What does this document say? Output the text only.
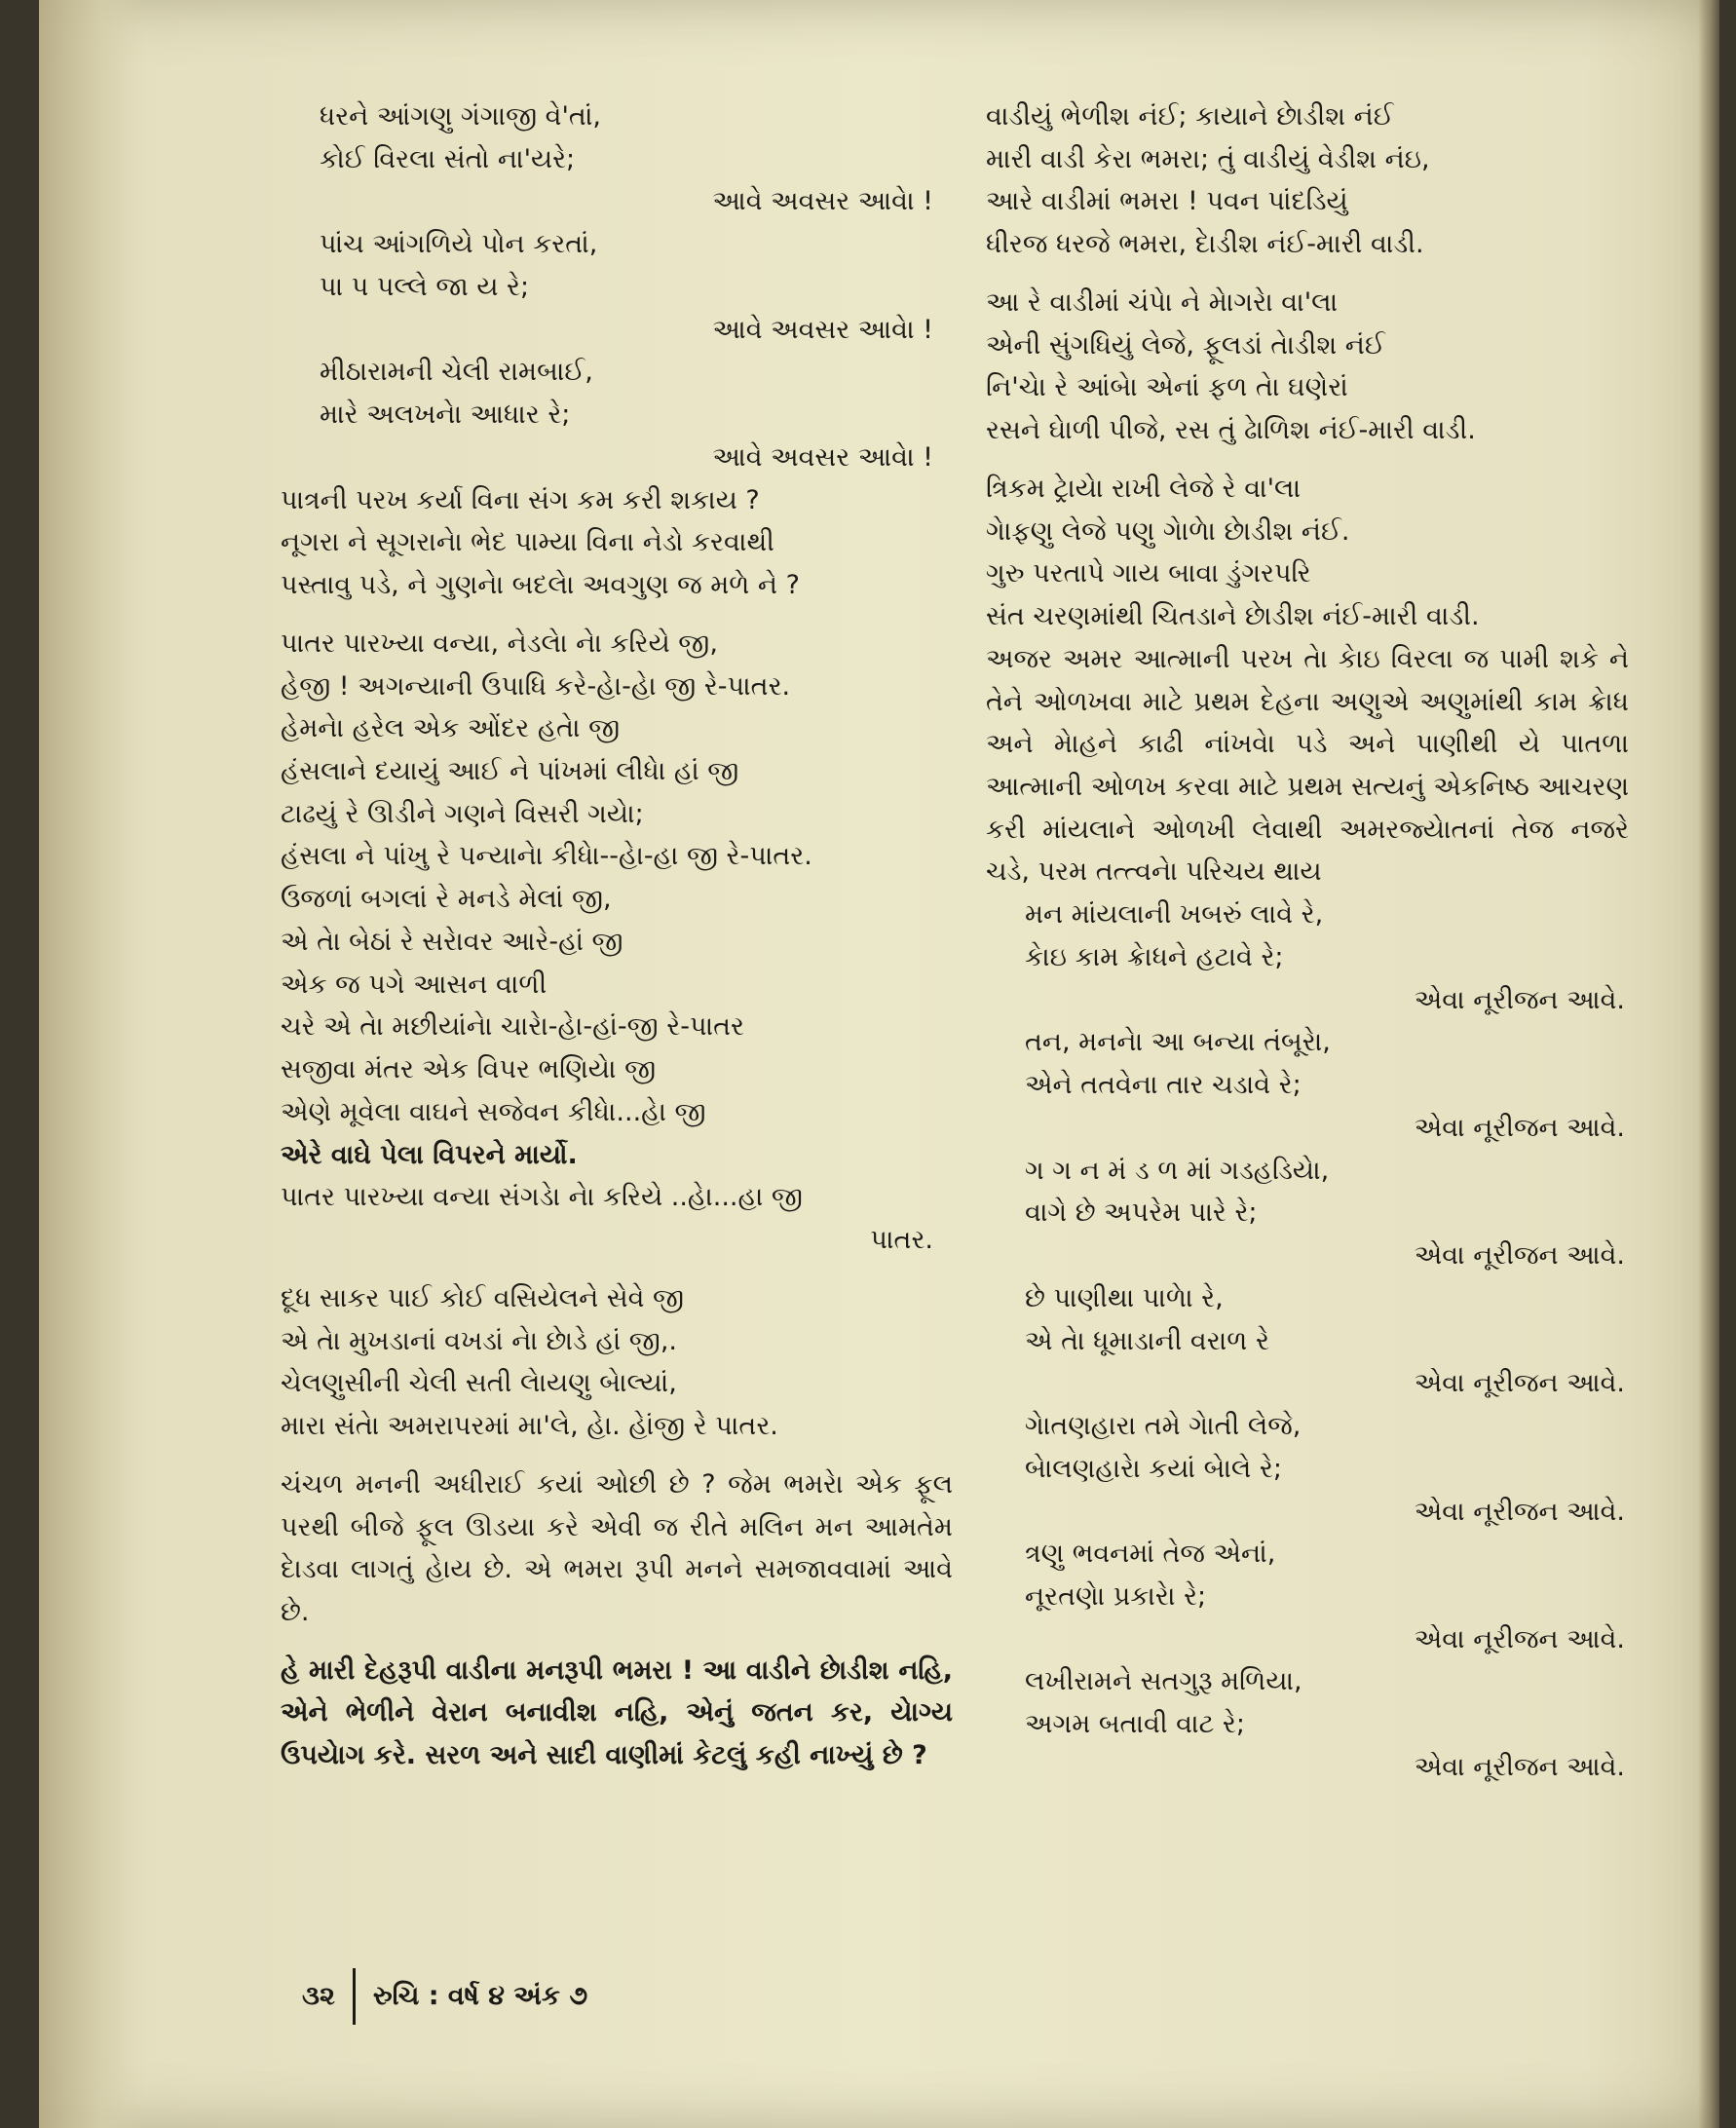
ધરને આંગણુ ગંગાજી વે'તાં,
કોઈ વિરલા સંતો ના'યરે;
આવે અવસર આવેા !
પાંચ આંગળિયે પોન કરતાં,
પા પ પલ્લે જા ય રે;
આવે અવસર આવેા !
મીઠારામની ચેલી રામબાઈ,
મારે અલખનેા આધાર રે;
આવે અવસર આવેા !
પાત્રની પરખ કર્યા વિના સંગ કમ કરી શકાય ?
નૂગરા ને સૂગરાનેા ભેદ પામ્યા વિના નેડો કરવાથી
પસ્તાવુ પડે, ને ગુણનેા બદલેા અવગુણ જ મળે ને ?
પાતર પારખ્યા વન્યા, નેડલેા નેા કરિયે જી,
હેજી ! અગન્યાની ઉપાધિ કરે-હેા-હેા જી રે-પાતર.
હેમનેા હરેલ એક ઓંદર હતેા જી
હંસલાને દયાયું આઈ ને પાંખમાં લીધેા હાં જી
ટાઢયું રે ઊડીને ગણને વિસરી ગયેા;
હંસલા ને પાંખુ રે પન્યાનેા કીધેા--હેા-હા જી રે-પાતર.
ઉજળાં બગલાં રે મનડે મેલાં જી,
એ તેા બેઠાં રે સરેાવર આરે-હાં જી
એક જ પગે આસન વાળી
ચરે એ તેા મછીયાંનેા ચારેા-હેા-હાં-જી રે-પાતર
સજીવા મંતર એક વિપર ભણિયેા જી
એણે મૂવેલા વાઘને સજેવન કીધેા...હેા જી
એરે વાઘે પેલા વિપરને માર્યો.
પાતર પારખ્યા વન્યા સંગડેા નેા કરિયે ..હેા...હા જી
પાતર.
દૂધ સાકર પાઈ કોઈ વસિયેલને સેવે જી
એ તેા મુખડાનાં વખડાં નેા છેાડે હાં જી,.
ચેલણુસીની ચેલી સતી લેાયણુ બેાલ્યાં,
મારા સંતેા અમરાપરમાં મા'લે, હેા. હેાંજી રે પાતર.
ચંચળ મનની અધીરાઈ કયાં ઓછી છે ? જેમ ભમરેા એક ફૂલ પરથી બીજે ફૂલ ઊડયા કરે એવી જ રીતે મલિન મન આમતેમ દેાડવા લાગતું હેાય છે. એ ભમરા રૂપી મનને સમજાવવામાં આવે છે.
હે મારી દેહરૂપી વાડીના મનરૂપી ભમરા ! આ વાડીને છેાડીશ નહિ, એને ભેળીને વેરાન બનાવીશ નહિ, એનું જતન કર, યેાગ્ય ઉપયેાગ કરે. સરળ અને સાદી વાણીમાં કેટલું કહી નાખ્યું છે ?
વાડીયું ભેળીશ નંઈ; કાયાને છેાડીશ નંઈ
મારી વાડી કેરા ભમરા; તું વાડીયું વેડીશ નંઇ,
આરે વાડીમાં ભમરા ! પવન પાંદડિયું
ધીરજ ધરજે ભમરા, દેાડીશ નંઈ-મારી વાડી.
આ રે વાડીમાં ચંપેા ને મેાગરેા વા'લા
એની સુંગધિયું લેજે, ફૂલડાં તેાડીશ નંઈ
નિ'ચેા રે આંબેા એનાં ફળ તેા ઘણેરાં
રસને ઘેાળી પીજે, રસ તું ઢેાળિશ નંઈ-મારી વાડી.
ત્રિકમ ટ્રેાયેા રાખી લેજે રે વા'લા
ગેાફણુ લેજે પણુ ગેાળેા છેાડીશ નંઈ.
ગુરુ પરતાપે ગાય બાવા ડુંગરપરિ
સંત ચરણમાંથી ચિતડાને છેાડીશ નંઈ-મારી વાડી.
અજર અમર આત્માની પરખ તેા કેાઇ વિરલા જ પામી શકે ને તેને ઓળખવા માટે પ્રથમ દેહના અણુએ અણુમાંથી કામ ક્રેાધ અને મેાહને કાઢી નાંખવેા પડે અને પાણીથી યે પાતળા આત્માની ઓળખ કરવા માટે પ્રથમ સત્યનું એકનિષ્ઠ આચરણ કરી માંયલાને ઓળખી લેવાથી અમરજ્યેાતનાં તેજ નજરે ચડે, પરમ તત્ત્વનેા પરિચય થાય
મન માંયલાની ખબરું લાવે રે,
કેાઇ કામ ક્રેાધને હટાવે રે;
એવા નૂરીજન આવે.
તન, મનનેા આ બન્યા તંબૂરેા,
એને તતવેના તાર ચડાવે રે;
એવા નૂરીજન આવે.
ગ ગ ન મં ડ ળ માં ગડહડિયેા,
વાગે છે અપરેમ પારે રે;
એવા નૂરીજન આવે.
છે પાણીથા પાળેા રે,
એ તેા ધૂમાડાની વરાળ રે
એવા નૂરીજન આવે.
ગેાતણહારા તમે ગેાતી લેજે,
બેાલણહારેા કયાં બેાલે રે;
એવા નૂરીજન આવે.
ત્રણુ ભવનમાં તેજ એનાં,
નૂરતણેા પ્રકારેા રે;
એવા નૂરીજન આવે.
લખીરામને સતગુરૂ મળિયા,
અગમ બતાવી વાટ રે;
એવા નૂરીજન આવે.
૩૨ રુચિ : વર્ષ ૪ અંક ૭
